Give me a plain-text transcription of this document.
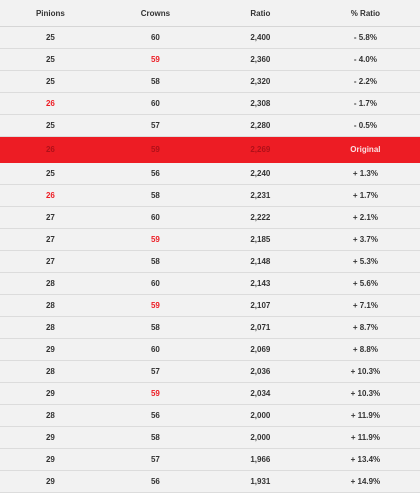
Pinions	Crowns	Ratio	% Ratio
25	60	2,400	- 5.8%
25	59	2,360	- 4.0%
25	58	2,320	- 2.2%
26	60	2,308	- 1.7%
25	57	2,280	- 0.5%
26	59	2,269	Original
25	56	2,240	+ 1.3%
26	58	2,231	+ 1.7%
27	60	2,222	+ 2.1%
27	59	2,185	+ 3.7%
27	58	2,148	+ 5.3%
28	60	2,143	+ 5.6%
28	59	2,107	+ 7.1%
28	58	2,071	+ 8.7%
29	60	2,069	+ 8.8%
28	57	2,036	+ 10.3%
29	59	2,034	+ 10.3%
28	56	2,000	+ 11.9%
29	58	2,000	+ 11.9%
29	57	1,966	+ 13.4%
29	56	1,931	+ 14.9%
